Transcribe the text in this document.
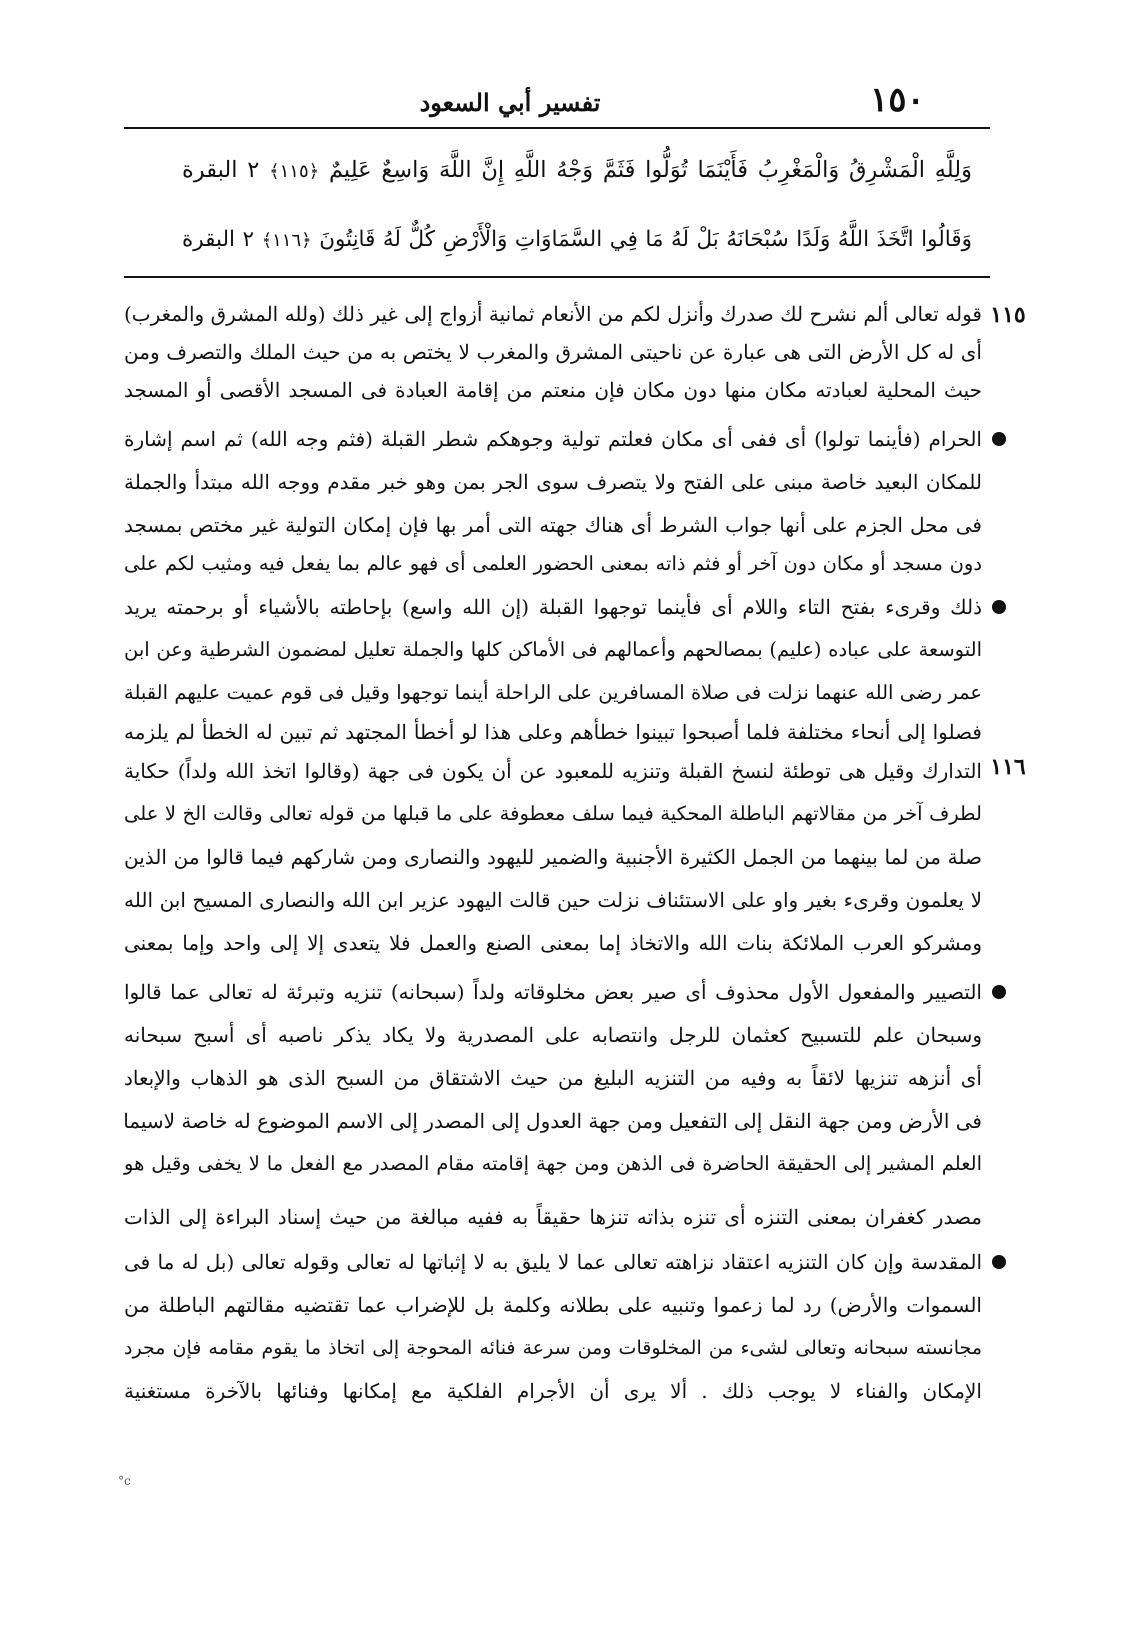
تفسير أبي السعود	١٥٠
وَلِلَّهِ الْمَشْرِقُ وَالْمَغْرِبُ فَأَيْنَمَا تُوَلُّوا فَثَمَّ وَجْهُ اللَّهِ إِنَّ اللَّهَ وَاسِعٌ عَلِيمٌ ﴿١١٥﴾ ٢ البقرة
وَقَالُوا اتَّخَذَ اللَّهُ وَلَدًا سُبْحَانَهُ بَلْ لَهُ مَا فِي السَّمَاوَاتِ وَالْأَرْضِ كُلٌّ لَهُ قَانِتُونَ ﴿١١٦﴾ ٢ البقرة
١١٥
١١٦
قوله تعالى ألم نشرح لك صدرك وأنزل لكم من الأنعام ثمانية أزواج إلى غير ذلك (ولله المشرق والمغرب)
أى له كل الأرض التى هى عبارة عن ناحيتى المشرق والمغرب لا يختص به من حيث الملك والتصرف ومن
حيث المحلية لعبادته مكان منها دون مكان فإن منعتم من إقامة العبادة فى المسجد الأقصى أو المسجد
الحرام (فأينما تولوا) أى ففى أى مكان فعلتم تولية وجوهكم شطر القبلة (فثم وجه الله) ثم اسم إشارة
للمكان البعيد خاصة مبنى على الفتح ولا يتصرف سوى الجر بمن وهو خبر مقدم ووجه الله مبتدأ والجملة
فى محل الجزم على أنها جواب الشرط أى هناك جهته التى أمر بها فإن إمكان التولية غير مختص بمسجد
دون مسجد أو مكان دون آخر أو فثم ذاته بمعنى الحضور العلمى أى فهو عالم بما يفعل فيه ومثيب لكم على
ذلك وقرىء بفتح التاء واللام أى فأينما توجهوا القبلة (إن الله واسع) بإحاطته بالأشياء أو برحمته يريد
التوسعة على عباده (عليم) بمصالحهم وأعمالهم فى الأماكن كلها والجملة تعليل لمضمون الشرطية وعن ابن
عمر رضى الله عنهما نزلت فى صلاة المسافرين على الراحلة أينما توجهوا وقيل فى قوم عميت عليهم القبلة
فصلوا إلى أنحاء مختلفة فلما أصبحوا تبينوا خطأهم وعلى هذا لو أخطأ المجتهد ثم تبين له الخطأ لم يلزمه
التدارك وقيل هى توطئة لنسخ القبلة وتنزيه للمعبود عن أن يكون فى جهة (وقالوا اتخذ الله ولداً) حكاية
لطرف آخر من مقالاتهم الباطلة المحكية فيما سلف معطوفة على ما قبلها من قوله تعالى وقالت الخ لا على
صلة من لما بينهما من الجمل الكثيرة الأجنبية والضمير لليهود والنصارى ومن شاركهم فيما قالوا من الذين
لا يعلمون وقرىء بغير واو على الاستئناف نزلت حين قالت اليهود عزير ابن الله والنصارى المسيح ابن الله
ومشركو العرب الملائكة بنات الله والاتخاذ إما بمعنى الصنع والعمل فلا يتعدى إلا إلى واحد وإما بمعنى
التصيير والمفعول الأول محذوف أى صير بعض مخلوقاته ولداً (سبحانه) تنزيه وتبرئة له تعالى عما قالوا
وسبحان علم للتسبيح كعثمان للرجل وانتصابه على المصدرية ولا يكاد يذكر ناصبه أى أسبح سبحانه
أى أنزهه تنزيها لائقاً به وفيه من التنزيه البليغ من حيث الاشتقاق من السبح الذى هو الذهاب والإبعاد
فى الأرض ومن جهة النقل إلى التفعيل ومن جهة العدول إلى المصدر إلى الاسم الموضوع له خاصة لاسيما
العلم المشير إلى الحقيقة الحاضرة فى الذهن ومن جهة إقامته مقام المصدر مع الفعل ما لا يخفى وقيل هو
مصدر كغفران بمعنى التنزه أى تنزه بذاته تنزها حقيقاً به ففيه مبالغة من حيث إسناد البراءة إلى الذات
المقدسة وإن كان التنزيه اعتقاد نزاهته تعالى عما لا يليق به لا إثباتها له تعالى وقوله تعالى (بل له ما فى
السموات والأرض) رد لما زعموا وتنبيه على بطلانه وكلمة بل للإضراب عما تقتضيه مقالتهم الباطلة من
مجانسته سبحانه وتعالى لشىء من المخلوقات ومن سرعة فنائه المحوجة إلى اتخاذ ما يقوم مقامه فإن مجرد
الإمكان والفناء لا يوجب ذلك . ألا يرى أن الأجرام الفلكية مع إمكانها وفنائها بالآخرة مستغنية
°c
